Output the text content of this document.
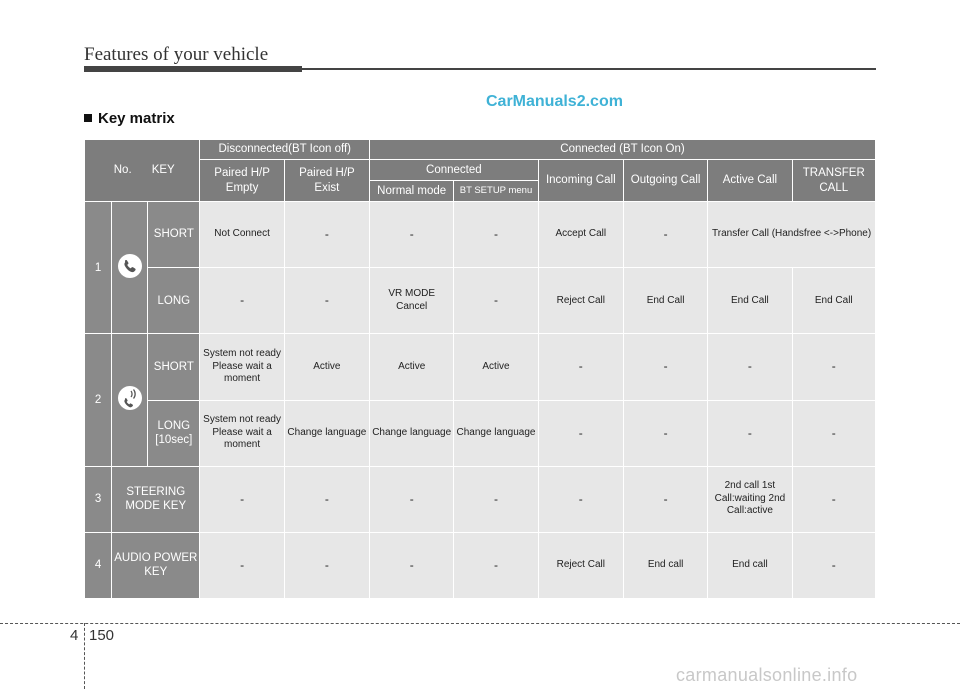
Features of your vehicle
CarManuals2.com
Key matrix
No. KEY			Disconnected(BT Icon off)		Connected (BT Icon On)					
			Paired H/P Empty	Paired H/P Exist	Connected		Incoming Call	Outgoing Call	Active Call	TRANSFER CALL
					Normal mode	BT SETUP menu				
1		SHORT	Not Connect	-	-	-	Accept Call	-	Transfer Call (Handsfree <->Phone)	
		LONG	-	-	VR MODE Cancel	-	Reject Call	End Call	End Call	End Call
2		SHORT	System not ready Please wait a moment	Active	Active	Active	-	-	-	-
		LONG [10sec]	System not ready Please wait a moment	Change language	Change language	Change language	-	-	-	-
3	STEERING MODE KEY		-	-	-	-	-	-	2nd call 1st Call:waiting 2nd Call:active	-
4	AUDIO POWER KEY		-	-	-	-	Reject Call	End call	End call	-
4 150
carmanualsonline.info
